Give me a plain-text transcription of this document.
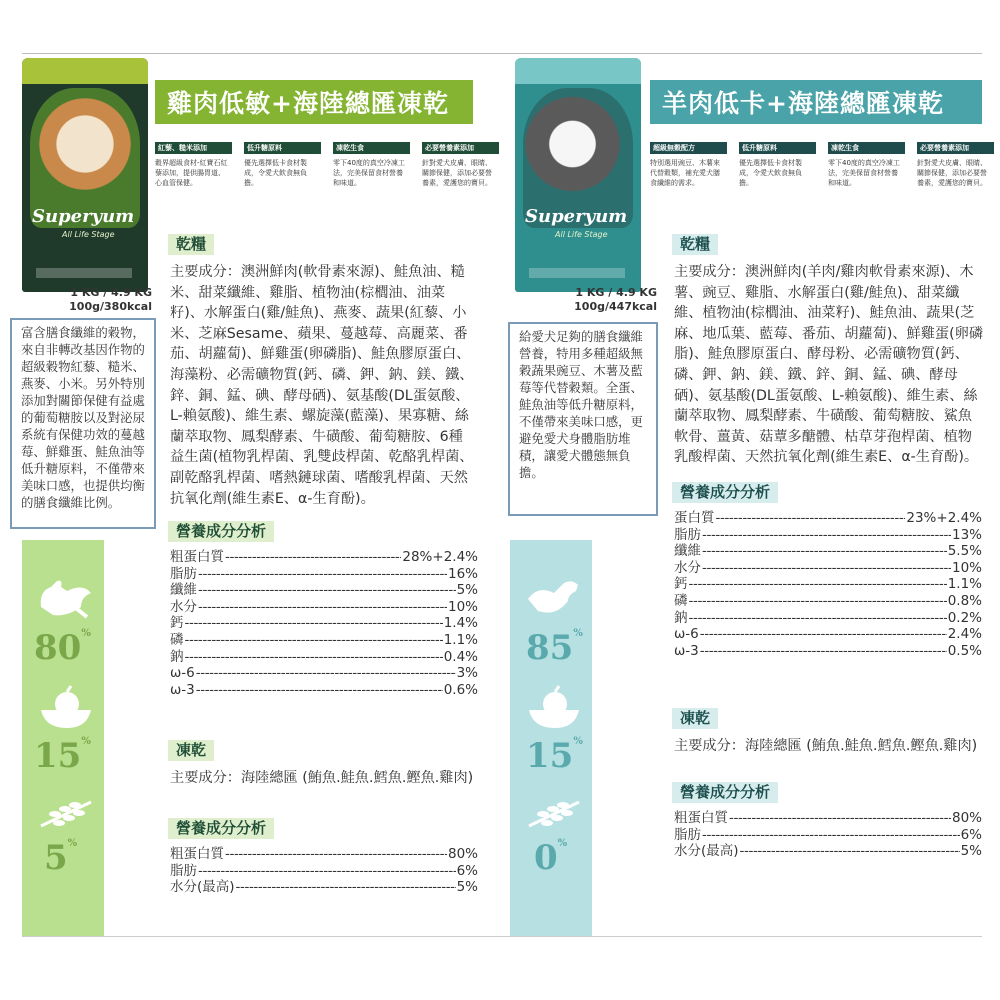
Superyum
All Life Stage
雞肉低敏+海陸總匯凍乾
紅藜、糙米添加
穀界超級食材-紅寶石紅藜添加，提供腸胃道、心血管保健。
低升糖原料
優先選擇低卡食材製成，令愛犬飲食無負擔。
凍乾生食
零下40度的真空冷凍工法，完美保留食材營養和味道。
必要營養素添加
針對愛犬皮膚、眼睛、關節保健，添加必要營養素，愛護您的寶貝。
1 KG / 4.9 KG
100g/380kcal
富含膳食纖維的穀物，來自非轉改基因作物的超級穀物紅藜、糙米、燕麥、小米。另外特別添加對關節保健有益處的葡萄糖胺以及對泌尿系統有保健功效的蔓越莓、鮮雞蛋、鮭魚油等低升糖原料，不僅帶來美味口感，也提供均衡的膳食纖維比例。
80%
15%
5%
乾糧
主要成分：澳洲鮮肉(軟骨素來源)、鮭魚油、糙米、甜菜纖維、雞脂、植物油(棕櫚油、油菜籽)、水解蛋白(雞/鮭魚)、燕麥、蔬果(紅藜、小米、芝麻Sesame、蘋果、蔓越莓、高麗菜、番茄、胡蘿蔔)、鮮雞蛋(卵磷脂)、鮭魚膠原蛋白、海藻粉、必需礦物質(鈣、磷、鉀、鈉、鎂、鐵、鋅、銅、錳、碘、酵母硒)、氨基酸(DL蛋氨酸、L-賴氨酸)、維生素、螺旋藻(藍藻)、果寡糖、絲蘭萃取物、鳳梨酵素、牛磺酸、葡萄糖胺、6種益生菌(植物乳桿菌、乳雙歧桿菌、乾酪乳桿菌、副乾酪乳桿菌、嗜熱鏈球菌、嗜酸乳桿菌、天然抗氧化劑(維生素E、α-生育酚)。
營養成分分析
粗蛋白質 -----	28%+2.4%
脂肪 -----	16%
纖維 -----	5%
水分 -----	10%
鈣 -----	1.4%
磷 -----	1.1%
鈉 -----	0.4%
ω-6 -----	3%
ω-3 -----	0.6%
凍乾
主要成分：海陸總匯 (鮪魚.鮭魚.鱈魚.鰹魚.雞肉)
營養成分分析
粗蛋白質 -----	80%
脂肪 -----	6%
水分(最高) -----	5%
Superyum
All Life Stage
羊肉低卡+海陸總匯凍乾
超級無穀配方
特別選用豌豆、木薯來代替穀類，補充愛犬膳食纖維的需求。
低升糖原料
優先選擇低卡食材製成，令愛犬飲食無負擔。
凍乾生食
零下40度的真空冷凍工法，完美保留食材營養和味道。
必要營養素添加
針對愛犬皮膚、眼睛、關節保健，添加必要營養素，愛護您的寶貝。
1 KG / 4.9 KG
100g/447kcal
給愛犬足夠的膳食纖維營養，特用多種超級無穀蔬果豌豆、木薯及藍莓等代替穀類。全蛋、鮭魚油等低升糖原料，不僅帶來美味口感，更避免愛犬身體脂肪堆積，讓愛犬體態無負擔。
85%
15%
0%
乾糧
主要成分：澳洲鮮肉(羊肉/雞肉軟骨素來源)、木薯、豌豆、雞脂、水解蛋白(雞/鮭魚)、甜菜纖維、植物油(棕櫚油、油菜籽)、鮭魚油、蔬果(芝麻、地瓜葉、藍莓、番茄、胡蘿蔔)、鮮雞蛋(卵磷脂)、鮭魚膠原蛋白、酵母粉、必需礦物質(鈣、磷、鉀、鈉、鎂、鐵、鋅、銅、錳、碘、酵母硒)、氨基酸(DL蛋氨酸、L-賴氨酸)、維生素、絲蘭萃取物、鳳梨酵素、牛磺酸、葡萄糖胺、鯊魚軟骨、薑黃、菇蕈多醣體、枯草芽孢桿菌、植物乳酸桿菌、天然抗氧化劑(維生素E、α-生育酚)。
營養成分分析
蛋白質 -----	23%+2.4%
脂肪 -----	13%
纖維 -----	5.5%
水分 -----	10%
鈣 -----	1.1%
磷 -----	0.8%
鈉 -----	0.2%
ω-6 -----	2.4%
ω-3 -----	0.5%
凍乾
主要成分：海陸總匯 (鮪魚.鮭魚.鱈魚.鰹魚.雞肉)
營養成分分析
粗蛋白質 -----	80%
脂肪 -----	6%
水分(最高) -----	5%
